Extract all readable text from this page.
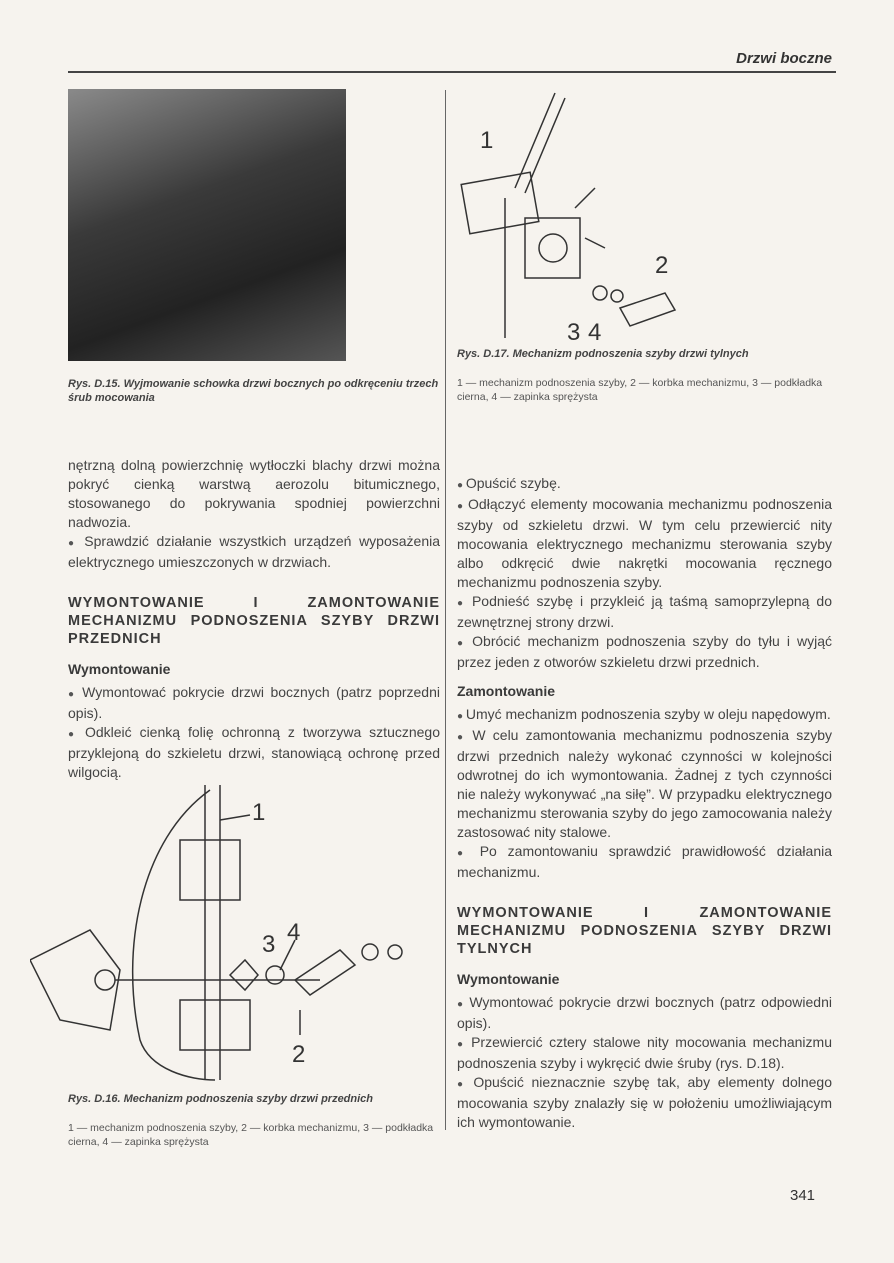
Drzwi boczne
Rys. D.15. Wyjmowanie schowka drzwi bocznych po odkręceniu trzech śrub mocowania

nętrzną dolną powierzchnię wytłoczki blachy drzwi można pokryć cienką warstwą aerozolu bitumicznego, stosowanego do pokrywania spodniej powierzchni nadwozia.

● Sprawdzić działanie wszystkich urządzeń wyposażenia elektrycznego umieszczonych w drzwiach.

WYMONTOWANIE I ZAMONTOWANIE MECHANIZMU PODNOSZENIA SZYBY DRZWI PRZEDNICH
Wymontowanie

● Wymontować pokrycie drzwi bocznych (patrz poprzedni opis).

● Odkleić cienką folię ochronną z tworzywa sztucznego przyklejoną do szkieletu drzwi, stanowiącą ochronę przed wilgocią.

1
2
3 4
Rys. D.16. Mechanizm podnoszenia szyby drzwi przednich
1 — mechanizm podnoszenia szyby, 2 — korbka mechanizmu, 3 — podkładka cierna, 4 — zapinka sprężysta
1
2
3 4
Rys. D.17. Mechanizm podnoszenia szyby drzwi tylnych
1 — mechanizm podnoszenia szyby, 2 — korbka mechanizmu, 3 — podkładka cierna, 4 — zapinka sprężysta

● Opuścić szybę.

● Odłączyć elementy mocowania mechanizmu podnoszenia szyby od szkieletu drzwi. W tym celu przewiercić nity mocowania elektrycznego mechanizmu sterowania szyby albo odkręcić dwie nakrętki mocowania ręcznego mechanizmu podnoszenia szyby.

● Podnieść szybę i przykleić ją taśmą samoprzylepną do zewnętrznej strony drzwi.

● Obrócić mechanizm podnoszenia szyby do tyłu i wyjąć przez jeden z otworów szkieletu drzwi przednich.

Zamontowanie

● Umyć mechanizm podnoszenia szyby w oleju napędowym.

● W celu zamontowania mechanizmu podnoszenia szyby drzwi przednich należy wykonać czynności w kolejności odwrotnej do ich wymontowania. Żadnej z tych czynności nie należy wykonywać „na siłę”. W przypadku elektrycznego mechanizmu sterowania szyby do jego zamocowania należy zastosować nity stalowe.

● Po zamontowaniu sprawdzić prawidłowość działania mechanizmu.

WYMONTOWANIE I ZAMONTOWANIE MECHANIZMU PODNOSZENIA SZYBY DRZWI TYLNYCH
Wymontowanie

● Wymontować pokrycie drzwi bocznych (patrz odpowiedni opis).

● Przewiercić cztery stalowe nity mocowania mechanizmu podnoszenia szyby i wykręcić dwie śruby (rys. D.18).

● Opuścić nieznacznie szybę tak, aby elementy dolnego mocowania szyby znalazły się w położeniu umożliwiającym ich wymontowanie.

341
